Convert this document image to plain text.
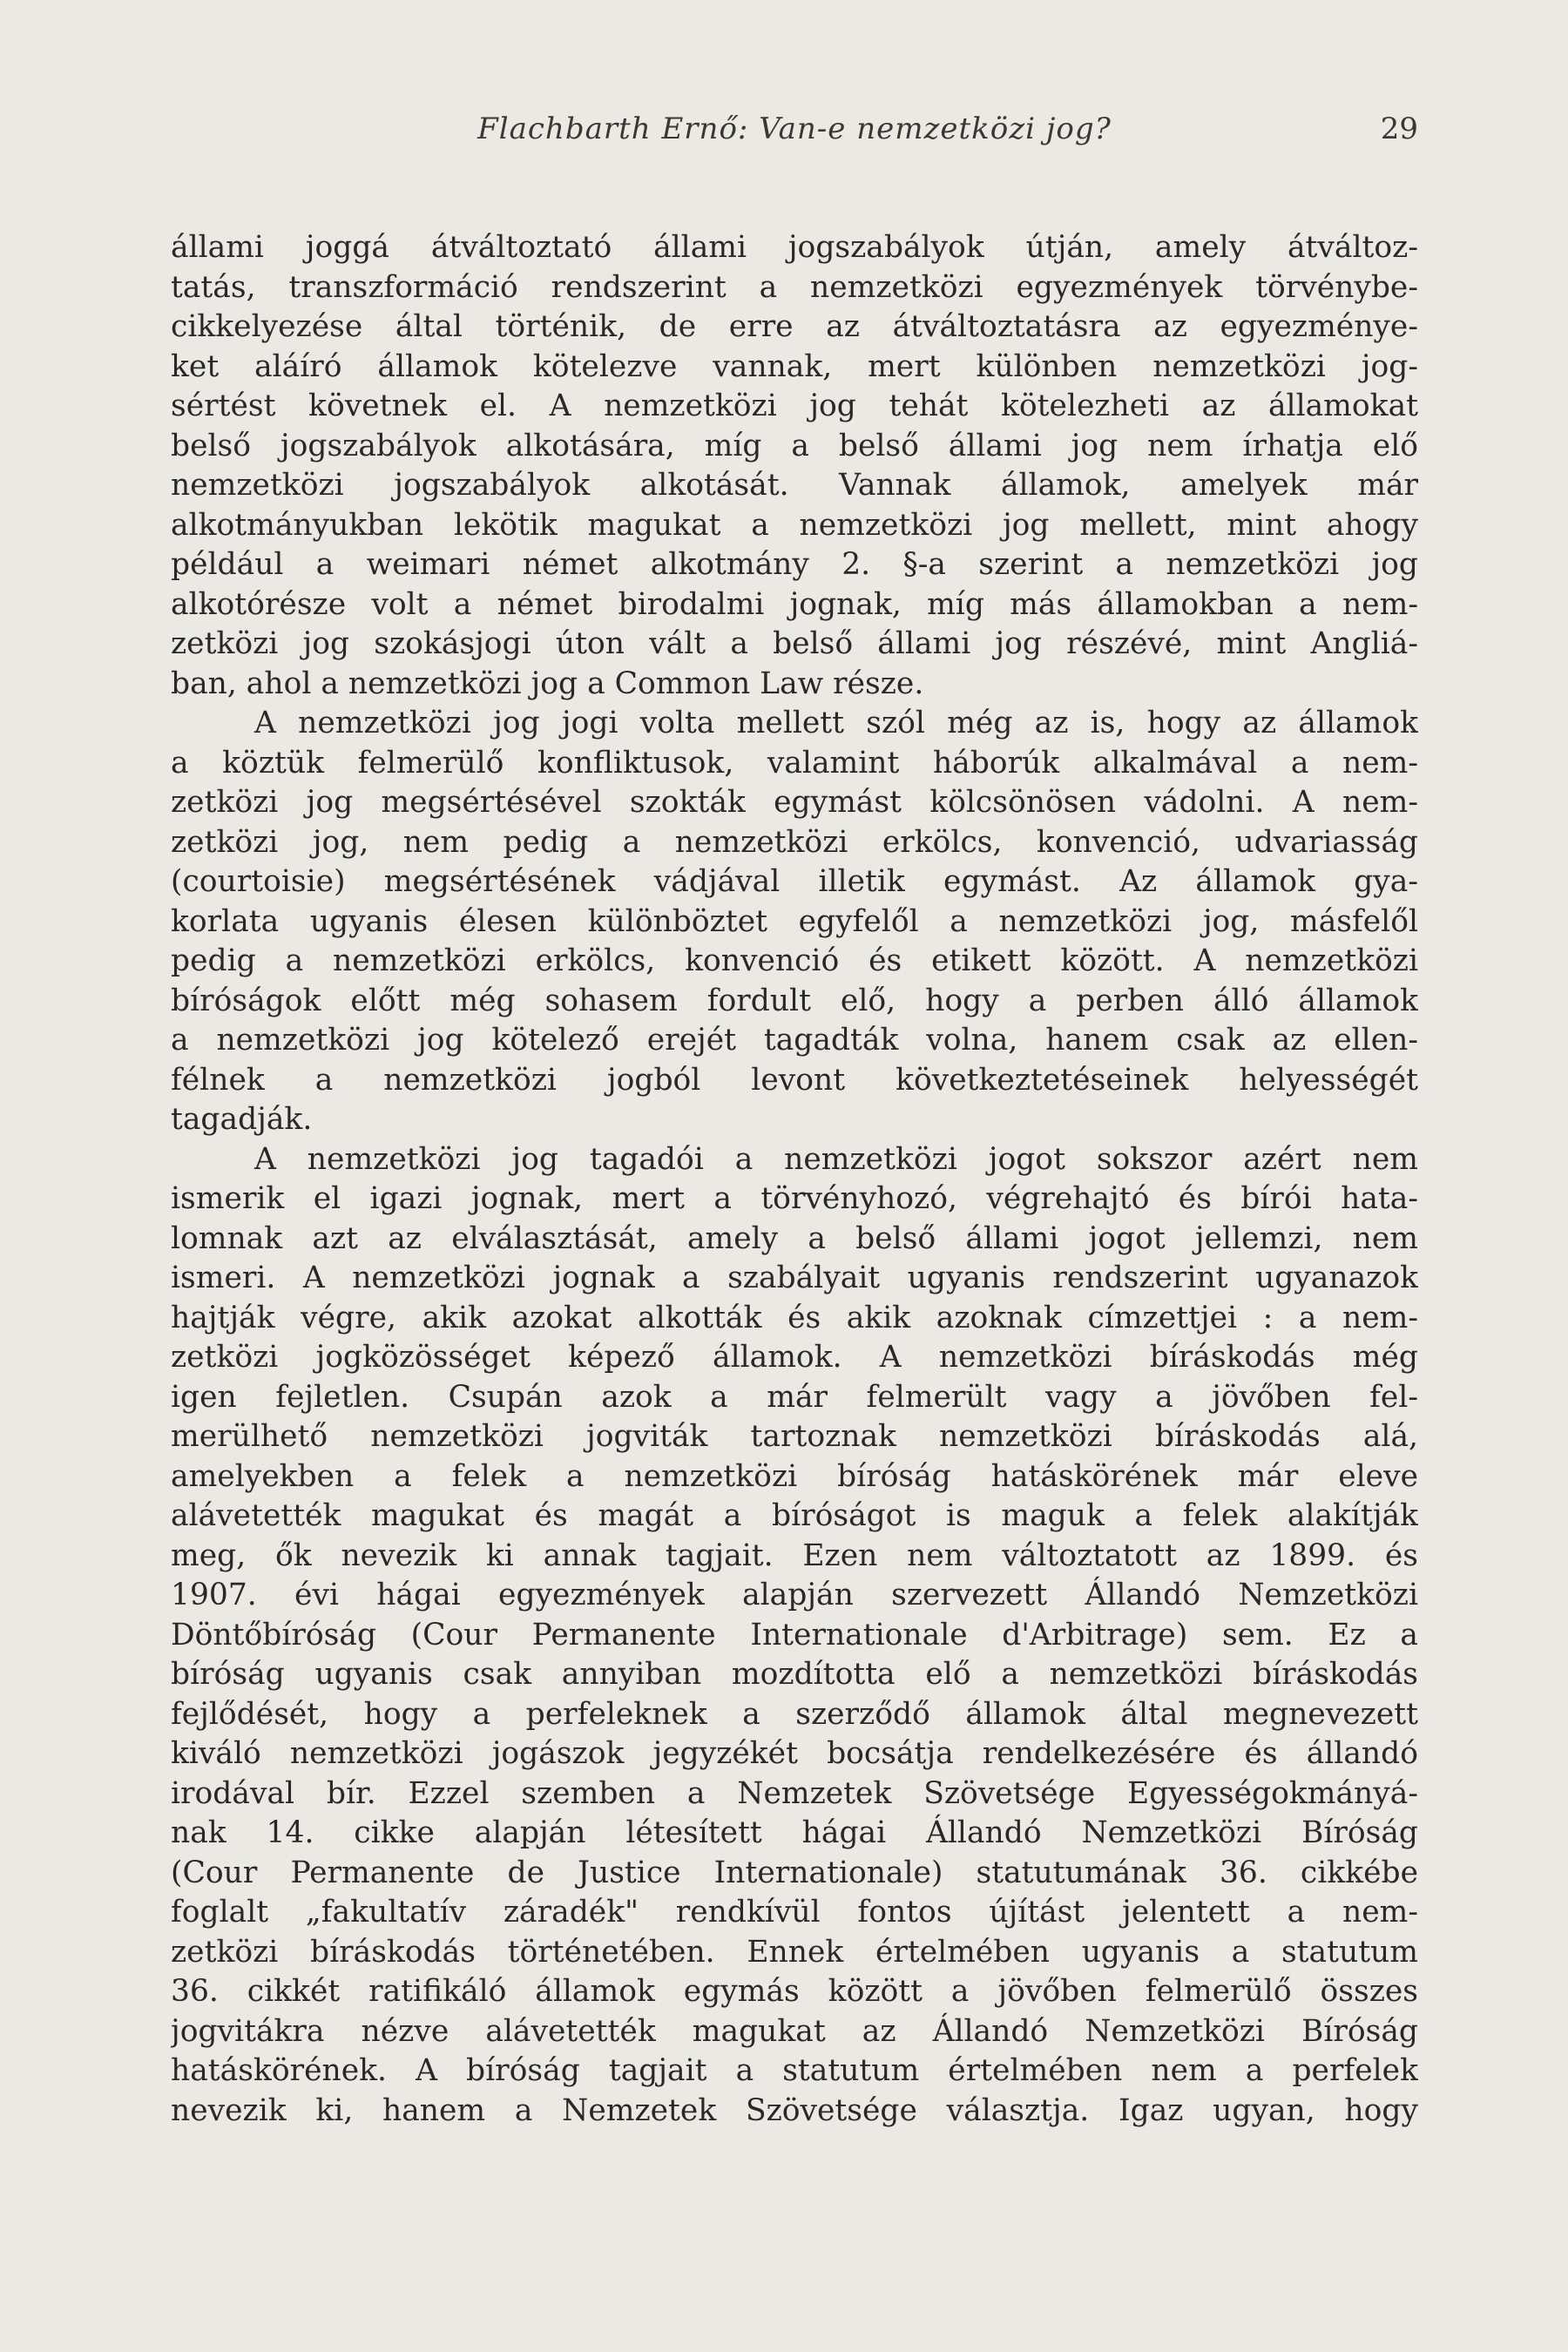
Flachbarth Ernő: Van-e nemzetközi jog?	29
állami joggá átváltoztató állami jogszabályok útján, amely átváltoz-
tatás, transzformáció rendszerint a nemzetközi egyezmények törvénybe-
cikkelyezése által történik, de erre az átváltoztatásra az egyezménye-
ket aláíró államok kötelezve vannak, mert különben nemzetközi jog-
sértést követnek el. A nemzetközi jog tehát kötelezheti az államokat
belső jogszabályok alkotására, míg a belső állami jog nem írhatja elő
nemzetközi jogszabályok alkotását. Vannak államok, amelyek már
alkotmányukban lekötik magukat a nemzetközi jog mellett, mint ahogy
például a weimari német alkotmány 2. §-a szerint a nemzetközi jog
alkotórésze volt a német birodalmi jognak, míg más államokban a nem-
zetközi jog szokásjogi úton vált a belső állami jog részévé, mint Angliá-
ban, ahol a nemzetközi jog a Common Law része.
A nemzetközi jog jogi volta mellett szól még az is, hogy az államok
a köztük felmerülő konfliktusok, valamint háborúk alkalmával a nem-
zetközi jog megsértésével szokták egymást kölcsönösen vádolni. A nem-
zetközi jog, nem pedig a nemzetközi erkölcs, konvenció, udvariasság
(courtoisie) megsértésének vádjával illetik egymást. Az államok gya-
korlata ugyanis élesen különböztet egyfelől a nemzetközi jog, másfelől
pedig a nemzetközi erkölcs, konvenció és etikett között. A nemzetközi
bíróságok előtt még sohasem fordult elő, hogy a perben álló államok
a nemzetközi jog kötelező erejét tagadták volna, hanem csak az ellen-
félnek a nemzetközi jogból levont következtetéseinek helyességét
tagadják.
A nemzetközi jog tagadói a nemzetközi jogot sokszor azért nem
ismerik el igazi jognak, mert a törvényhozó, végrehajtó és bírói hata-
lomnak azt az elválasztását, amely a belső állami jogot jellemzi, nem
ismeri. A nemzetközi jognak a szabályait ugyanis rendszerint ugyanazok
hajtják végre, akik azokat alkották és akik azoknak címzettjei : a nem-
zetközi jogközösséget képező államok. A nemzetközi bíráskodás még
igen fejletlen. Csupán azok a már felmerült vagy a jövőben fel-
merülhető nemzetközi jogviták tartoznak nemzetközi bíráskodás alá,
amelyekben a felek a nemzetközi bíróság hatáskörének már eleve
alávetették magukat és magát a bíróságot is maguk a felek alakítják
meg, ők nevezik ki annak tagjait. Ezen nem változtatott az 1899. és
1907. évi hágai egyezmények alapján szervezett Állandó Nemzetközi
Döntőbíróság (Cour Permanente Internationale d'Arbitrage) sem. Ez a
bíróság ugyanis csak annyiban mozdította elő a nemzetközi bíráskodás
fejlődését, hogy a perfeleknek a szerződő államok által megnevezett
kiváló nemzetközi jogászok jegyzékét bocsátja rendelkezésére és állandó
irodával bír. Ezzel szemben a Nemzetek Szövetsége Egyességokmányá-
nak 14. cikke alapján létesített hágai Állandó Nemzetközi Bíróság
(Cour Permanente de Justice Internationale) statutumának 36. cikkébe
foglalt „fakultatív záradék" rendkívül fontos újítást jelentett a nem-
zetközi bíráskodás történetében. Ennek értelmében ugyanis a statutum
36. cikkét ratifikáló államok egymás között a jövőben felmerülő összes
jogvitákra nézve alávetették magukat az Állandó Nemzetközi Bíróság
hatáskörének. A bíróság tagjait a statutum értelmében nem a perfelek
nevezik ki, hanem a Nemzetek Szövetsége választja. Igaz ugyan, hogy
